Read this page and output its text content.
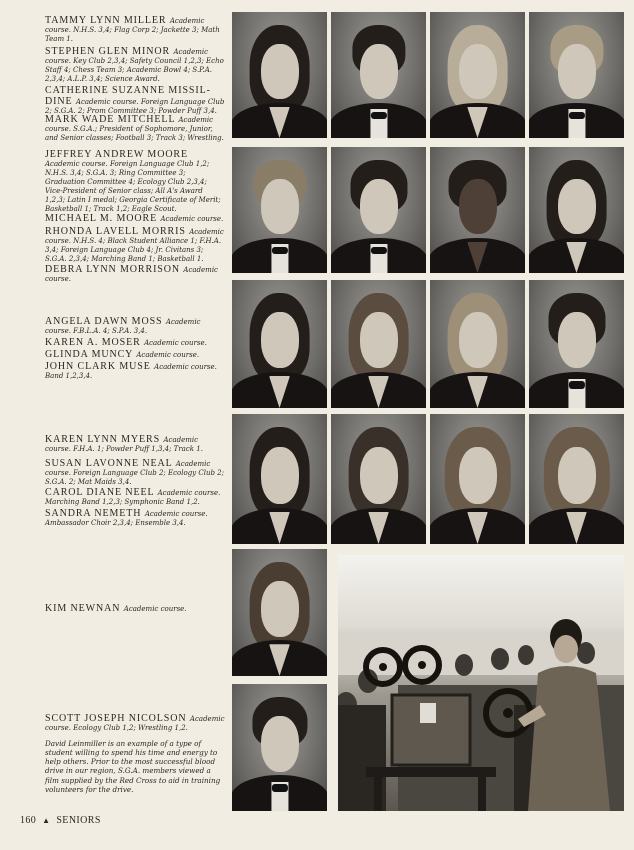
TAMMY LYNN MILLER Academic course. N.H.S. 3,4; Flag Corp 2; Jackette 3; Math Team 1.
STEPHEN GLEN MINOR Academic course. Key Club 2,3,4; Safety Council 1,2,3; Echo Staff 4; Chess Team 3; Academic Bowl 4; S.P.A. 2,3,4; A.L.P. 3,4; Science Award.
CATHERINE SUZANNE MISSIL-DINE Academic course. Foreign Language Club 2; S.G.A. 2; Prom Committee 3; Powder Puff 3,4.
MARK WADE MITCHELL Academic course. S.G.A.; President of Sophomore, Junior, and Senior classes; Football 3; Track 3; Wrestling.
JEFFREY ANDREW MOORE Academic course. Foreign Language Club 1,2; N.H.S. 3,4; S.G.A. 3; Ring Committee 3; Graduation Committee 4; Ecology Club 2,3,4; Vice-President of Senior class; All A's Award 1,2,3; Latin I medal; Georgia Certificate of Merit; Basketball 1; Track 1,2; Eagle Scout.
MICHAEL M. MOORE Academic course.
RHONDA LAVELL MORRIS Academic course. N.H.S. 4; Black Student Alliance 1; F.H.A. 3,4; Foreign Language Club 4; Jr. Civitans 3; S.G.A. 2,3,4; Marching Band 1; Basketball 1.
DEBRA LYNN MORRISON Academic course.
ANGELA DAWN MOSS Academic course. F.B.L.A. 4; S.P.A. 3,4.
KAREN A. MOSER Academic course.
GLINDA MUNCY Academic course.
JOHN CLARK MUSE Academic course. Band 1,2,3,4.
KAREN LYNN MYERS Academic course. F.H.A. 1; Powder Puff 1,3,4; Track 1.
SUSAN LAVONNE NEAL Academic course. Foreign Language Club 2; Ecology Club 2; S.G.A. 2; Mat Maids 3,4.
CAROL DIANE NEEL Academic course. Marching Band 1,2,3; Symphonic Band 1,2.
SANDRA NEMETH Academic course. Ambassador Choir 2,3,4; Ensemble 3,4.
KIM NEWNAN Academic course.
SCOTT JOSEPH NICOLSON Academic course. Ecology Club 1,2; Wrestling 1,2.
David Leinmiller is an example of a type of student willing to spend his time and energy to help others. Prior to the most successful blood drive in our region, S.G.A. members viewed a film supplied by the Red Cross to aid in training volunteers for the drive.
160 ▲ SENIORS
